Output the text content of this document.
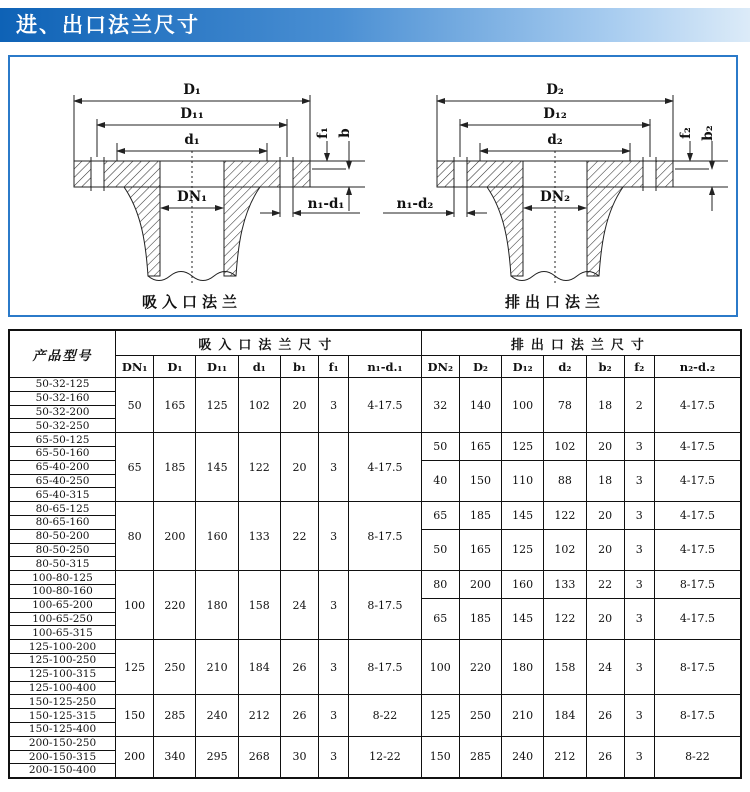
进、出口法兰尺寸
D₁
D₁₁
d₁
DN₁
f₁ b
n₁-d₁
吸入口法兰
D₂
D₁₂
d₂
DN₂
f₂ b₂
n₁-d₂
排出口法兰
产品型号	吸入口法兰尺寸							排出口法兰尺寸						
	DN₁	D₁	D₁₁	d₁	b₁	f₁	n₁-d.₁	DN₂	D₂	D₁₂	d₂	b₂	f₂	n₂-d.₂
50-32-125	50	165	125	102	20	3	4-17.5	32	140	100	78	18	2	4-17.5
50-32-160														
50-32-200														
50-32-250														
65-50-125	65	185	145	122	20	3	4-17.5	50	165	125	102	20	3	4-17.5
65-50-160														
65-40-200								40	150	110	88	18	3	4-17.5
65-40-250														
65-40-315														
80-65-125	80	200	160	133	22	3	8-17.5	65	185	145	122	20	3	4-17.5
80-65-160														
80-50-200								50	165	125	102	20	3	4-17.5
80-50-250														
80-50-315														
100-80-125	100	220	180	158	24	3	8-17.5	80	200	160	133	22	3	8-17.5
100-80-160														
100-65-200								65	185	145	122	20	3	4-17.5
100-65-250														
100-65-315														
125-100-200	125	250	210	184	26	3	8-17.5	100	220	180	158	24	3	8-17.5
125-100-250														
125-100-315														
125-100-400														
150-125-250	150	285	240	212	26	3	8-22	125	250	210	184	26	3	8-17.5
150-125-315														
150-125-400														
200-150-250	200	340	295	268	30	3	12-22	150	285	240	212	26	3	8-22
200-150-315														
200-150-400														
